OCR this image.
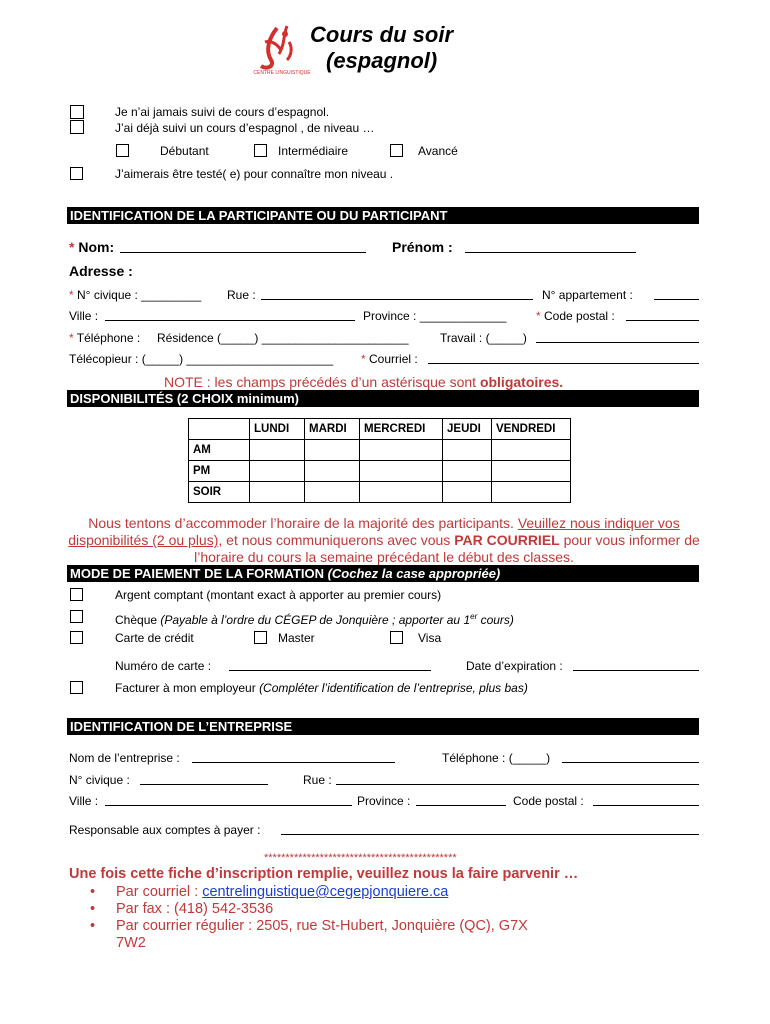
CENTRE LINGUISTIQUE
Cours du soir
(espagnol)
Je n’ai jamais suivi de cours d’espagnol.
J’ai déjà suivi un cours d’espagnol , de niveau …
Débutant	Intermédiaire	Avancé
J’aimerais être testé( e) pour connaître mon niveau .
IDENTIFICATION DE LA PARTICIPANTE OU DU PARTICIPANT
* Nom:	Prénom :
Adresse :
* N° civique : _________ Rue :	N° appartement :
Ville :	Province : _____________ * Code postal :
* Téléphone : Résidence (_____) ______________________	Travail : (_____)
Télécopieur : (_____) ______________________ * Courriel :
NOTE : les champs précédés d’un astérisque sont obligatoires.
DISPONIBILITÉS (2 CHOIX minimum)
	LUNDI	MARDI	MERCREDI	JEUDI	VENDREDI
AM					
PM					
SOIR					
Nous tentons d’accommoder l’horaire de la majorité des participants. Veuillez nous indiquer vos disponibilités (2 ou plus), et nous communiquerons avec vous PAR COURRIEL pour vous informer de l’horaire du cours la semaine précédant le début des classes.
MODE DE PAIEMENT DE LA FORMATION (Cochez la case appropriée)
Argent comptant (montant exact à apporter au premier cours)
Chèque (Payable à l’ordre du CÉGEP de Jonquière ; apporter au 1er cours)
Carte de crédit	Master	Visa
Numéro de carte :	Date d’expiration :
Facturer à mon employeur (Compléter l’identification de l’entreprise, plus bas)
IDENTIFICATION DE L’ENTREPRISE
Nom de l’entreprise :	Téléphone : (_____)
N° civique :	Rue :
Ville :	Province :	Code postal :
Responsable aux comptes à payer :
*********************************************
Une fois cette fiche d’inscription remplie, veuillez nous la faire parvenir …
• Par courriel : centrelinguistique@cegepjonquiere.ca
• Par fax : (418) 542-3536
• Par courrier régulier : 2505, rue St-Hubert, Jonquière (QC), G7X
7W2
